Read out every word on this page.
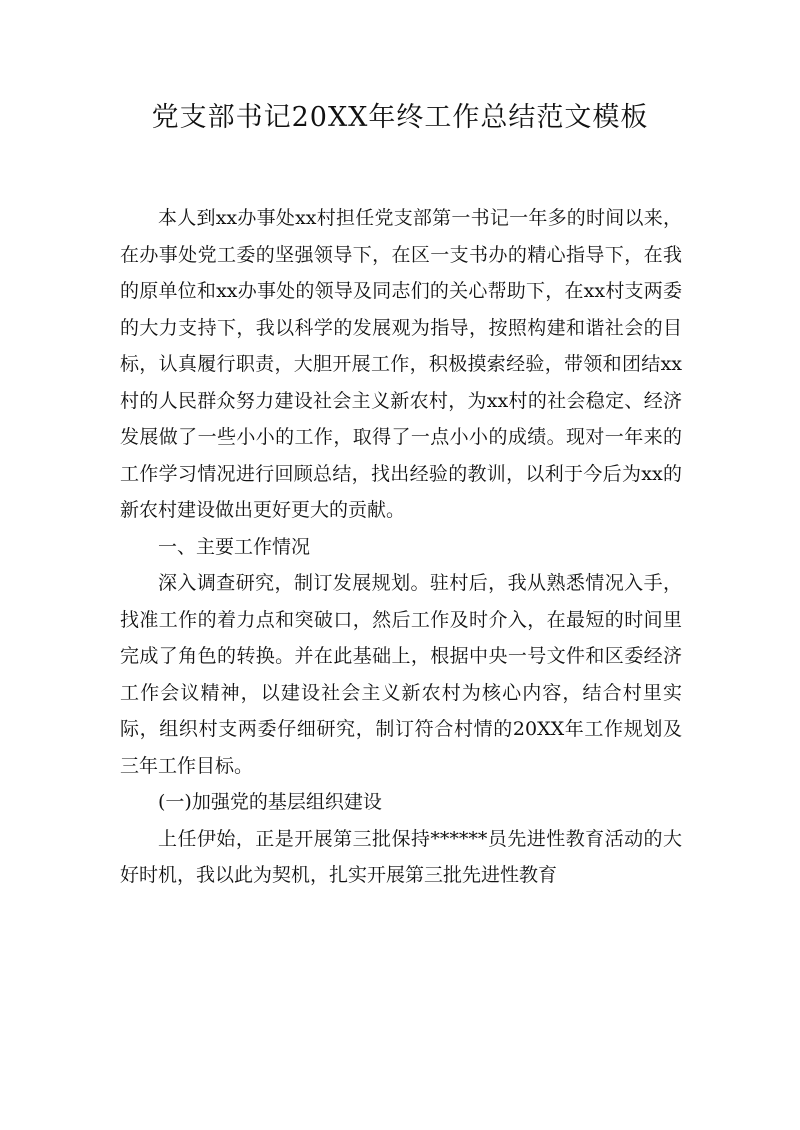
党支部书记20XX年终工作总结范文模板

本人到xx办事处xx村担任党支部第一书记一年多的时间以来，在办事处党工委的坚强领导下，在区一支书办的精心指导下，在我的原单位和xx办事处的领导及同志们的关心帮助下，在xx村支两委的大力支持下，我以科学的发展观为指导，按照构建和谐社会的目标，认真履行职责，大胆开展工作，积极摸索经验，带领和团结xx村的人民群众努力建设社会主义新农村，为xx村的社会稳定、经济发展做了一些小小的工作，取得了一点小小的成绩。现对一年来的工作学习情况进行回顾总结，找出经验的教训，以利于今后为xx的新农村建设做出更好更大的贡献。

一、主要工作情况

深入调查研究，制订发展规划。驻村后，我从熟悉情况入手，找准工作的着力点和突破口，然后工作及时介入，在最短的时间里完成了角色的转换。并在此基础上，根据中央一号文件和区委经济工作会议精神，以建设社会主义新农村为核心内容，结合村里实际，组织村支两委仔细研究，制订符合村情的20XX年工作规划及三年工作目标。

(一)加强党的基层组织建设

上任伊始，正是开展第三批保持******员先进性教育活动的大好时机，我以此为契机，扎实开展第三批先进性教育
